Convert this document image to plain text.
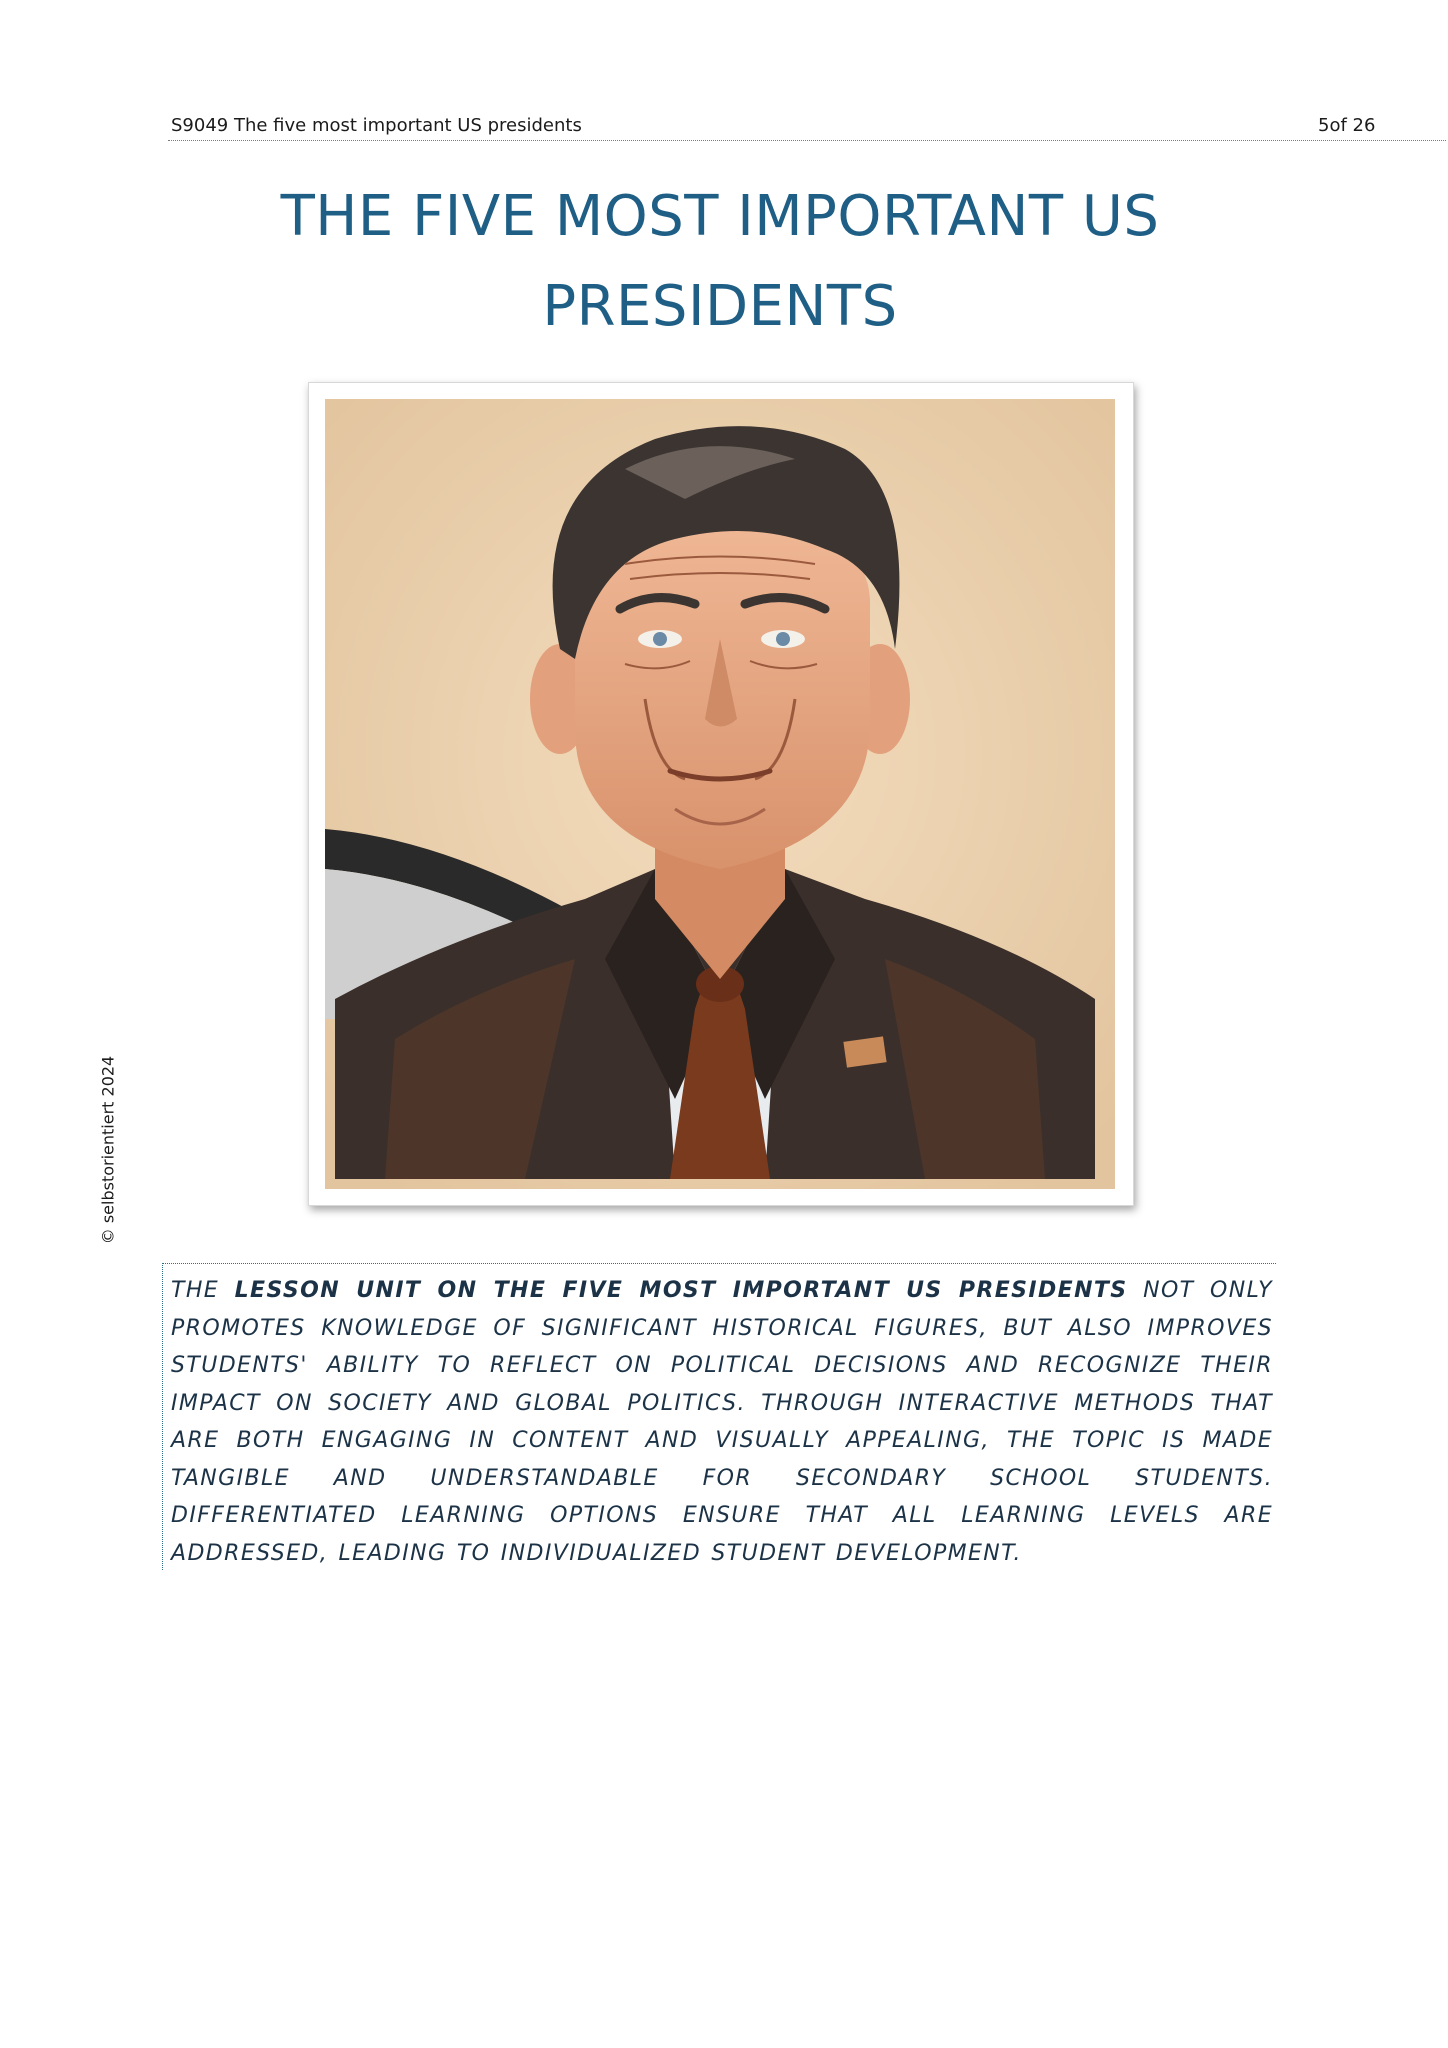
S9049 The five most important US presidents	5of 26
THE FIVE MOST IMPORTANT US PRESIDENTS
© selbstorientiert 2024

THE LESSON UNIT ON THE FIVE MOST IMPORTANT US PRESIDENTS NOT ONLY PROMOTES KNOWLEDGE OF SIGNIFICANT HISTORICAL FIGURES, BUT ALSO IMPROVES STUDENTS' ABILITY TO REFLECT ON POLITICAL DECISIONS AND RECOGNIZE THEIR IMPACT ON SOCIETY AND GLOBAL POLITICS. THROUGH INTERACTIVE METHODS THAT ARE BOTH ENGAGING IN CONTENT AND VISUALLY APPEALING, THE TOPIC IS MADE TANGIBLE AND UNDERSTANDABLE FOR SECONDARY SCHOOL STUDENTS. DIFFERENTIATED LEARNING OPTIONS ENSURE THAT ALL LEARNING LEVELS ARE ADDRESSED, LEADING TO INDIVIDUALIZED STUDENT DEVELOPMENT.
